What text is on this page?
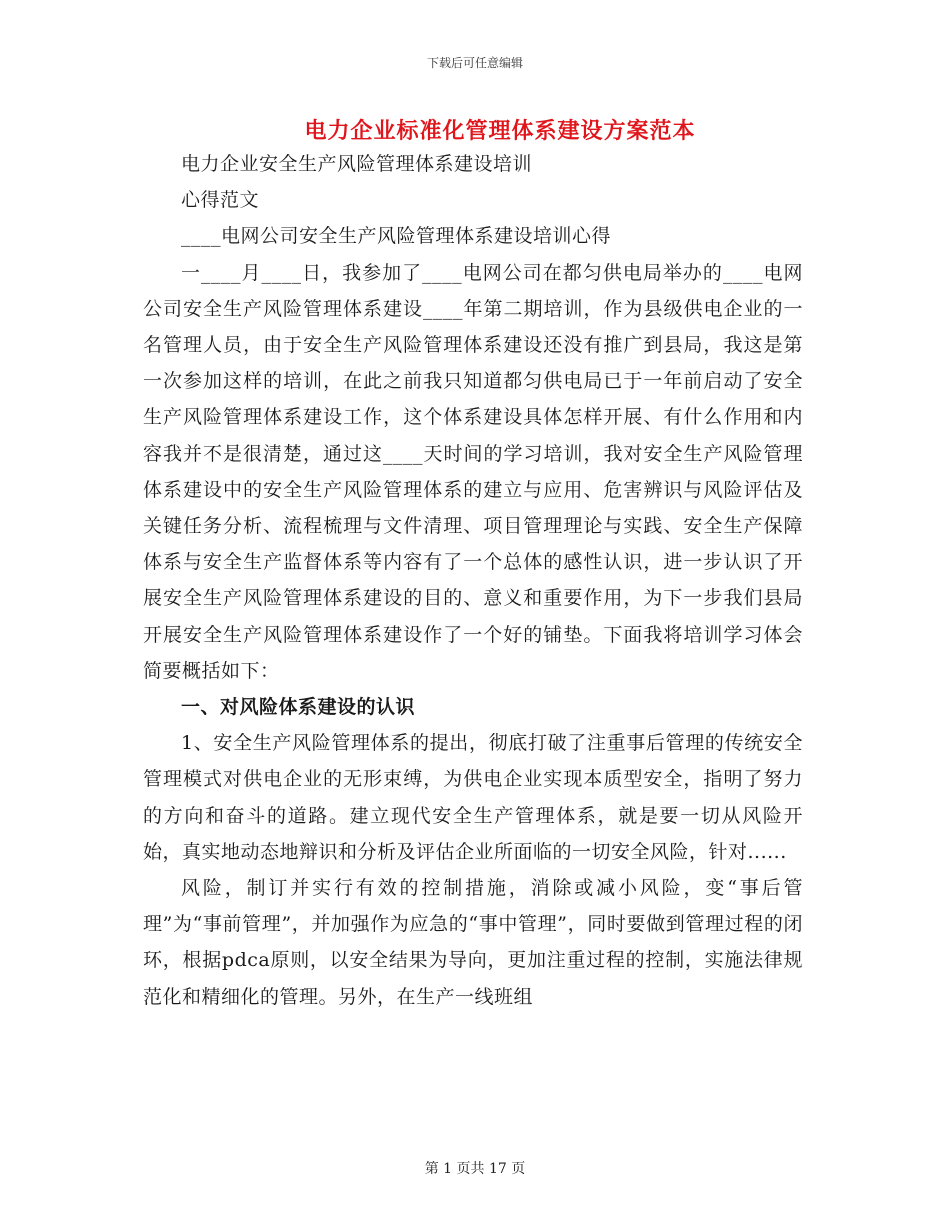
下载后可任意编辑
电力企业标准化管理体系建设方案范本

电力企业安全生产风险管理体系建设培训

心得范文

____电网公司安全生产风险管理体系建设培训心得

一____月____日，我参加了____电网公司在都匀供电局举办的____电网公司安全生产风险管理体系建设____年第二期培训，作为县级供电企业的一名管理人员，由于安全生产风险管理体系建设还没有推广到县局，我这是第一次参加这样的培训，在此之前我只知道都匀供电局已于一年前启动了安全生产风险管理体系建设工作，这个体系建设具体怎样开展、有什么作用和内容我并不是很清楚，通过这____天时间的学习培训，我对安全生产风险管理体系建设中的安全生产风险管理体系的建立与应用、危害辨识与风险评估及关键任务分析、流程梳理与文件清理、项目管理理论与实践、安全生产保障体系与安全生产监督体系等内容有了一个总体的感性认识，进一步认识了开展安全生产风险管理体系建设的目的、意义和重要作用，为下一步我们县局开展安全生产风险管理体系建设作了一个好的铺垫。下面我将培训学习体会简要概括如下：

一、对风险体系建设的认识

1、安全生产风险管理体系的提出，彻底打破了注重事后管理的传统安全管理模式对供电企业的无形束缚，为供电企业实现本质型安全，指明了努力的方向和奋斗的道路。建立现代安全生产管理体系，就是要一切从风险开始，真实地动态地辩识和分析及评估企业所面临的一切安全风险，针对......

风险，制订并实行有效的控制措施，消除或减小风险，变“事后管理”为“事前管理”，并加强作为应急的“事中管理”，同时要做到管理过程的闭环，根据pdca原则，以安全结果为导向，更加注重过程的控制，实施法律规范化和精细化的管理。另外，在生产一线班组

第 1 页共 17 页
